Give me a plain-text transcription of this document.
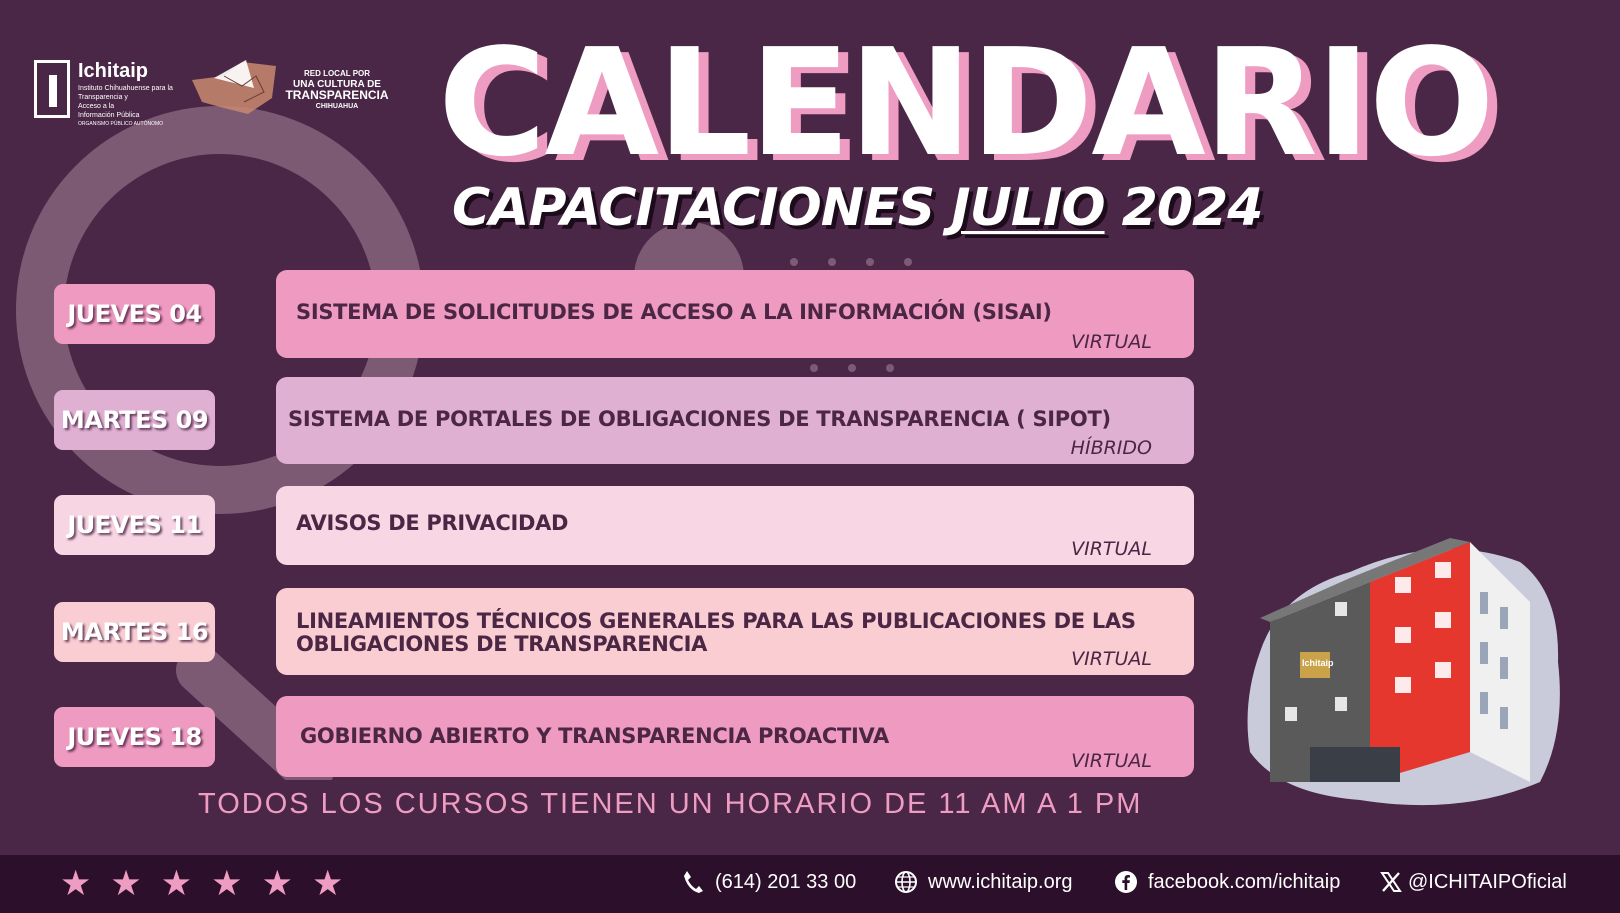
Ichitaip
Instituto Chihuahuense para la
Transparencia y
Acceso a la
Información Pública
ORGANISMO PÚBLICO AUTÓNOMO
RED LOCAL POR
UNA CULTURA DE
TRANSPARENCIA
CHIHUAHUA CALENDARIO
CAPACITACIONES JULIO 2024
JUEVES 04	SISTEMA DE SOLICITUDES DE ACCESO A LA INFORMACIÓN (SISAI)
VIRTUAL
MARTES 09	SISTEMA DE PORTALES DE OBLIGACIONES DE TRANSPARENCIA ( SIPOT)
HÍBRIDO
JUEVES 11	AVISOS DE PRIVACIDAD
VIRTUAL
MARTES 16	LINEAMIENTOS TÉCNICOS GENERALES PARA LAS PUBLICACIONES DE LAS OBLIGACIONES DE TRANSPARENCIA
VIRTUAL
JUEVES 18	GOBIERNO ABIERTO Y TRANSPARENCIA PROACTIVA
VIRTUAL
TODOS LOS CURSOS TIENEN UN HORARIO DE 11 AM A 1 PM
Ichitaip
★ ★ ★ ★ ★ ★	(614) 201 33 00	www.ichitaip.org	facebook.com/ichitaip	@ICHITAIPOficial
